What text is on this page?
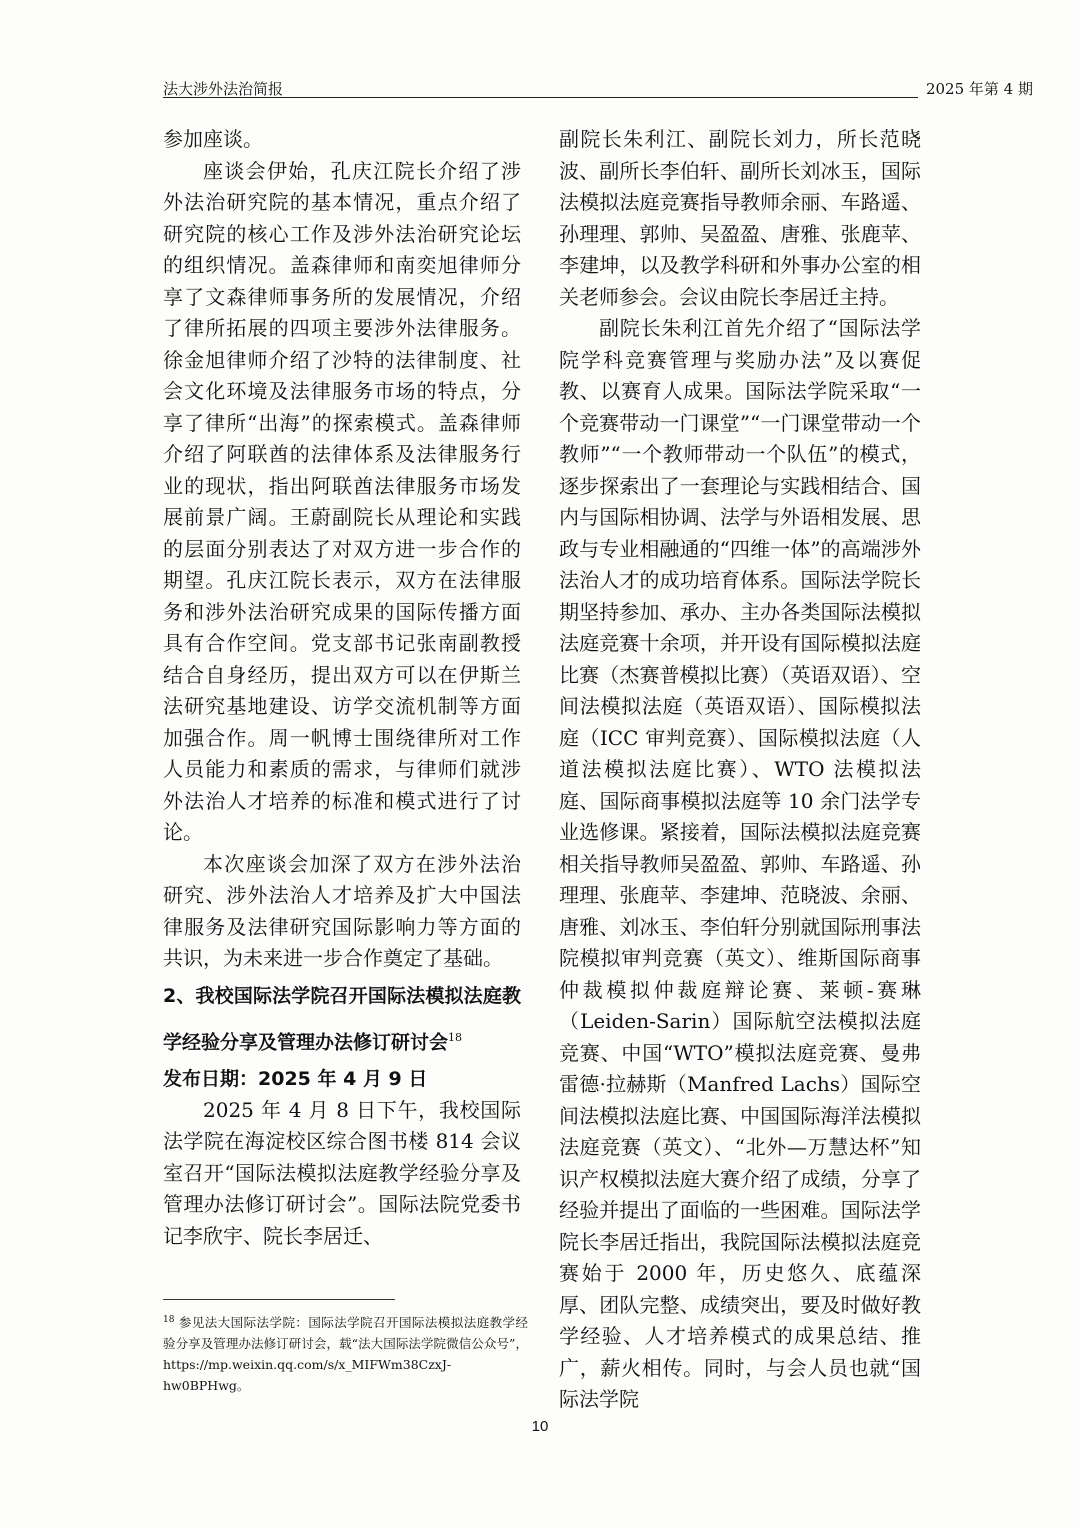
法大涉外法治简报	2025 年第 4 期

参加座谈。

座谈会伊始，孔庆江院长介绍了涉外法治研究院的基本情况，重点介绍了研究院的核心工作及涉外法治研究论坛的组织情况。盖森律师和南奕旭律师分享了文森律师事务所的发展情况，介绍了律所拓展的四项主要涉外法律服务。徐金旭律师介绍了沙特的法律制度、社会文化环境及法律服务市场的特点，分享了律所“出海”的探索模式。盖森律师介绍了阿联酋的法律体系及法律服务行业的现状，指出阿联酋法律服务市场发展前景广阔。王蔚副院长从理论和实践的层面分别表达了对双方进一步合作的期望。孔庆江院长表示，双方在法律服务和涉外法治研究成果的国际传播方面具有合作空间。党支部书记张南副教授结合自身经历，提出双方可以在伊斯兰法研究基地建设、访学交流机制等方面加强合作。周一帆博士围绕律所对工作人员能力和素质的需求，与律师们就涉外法治人才培养的标准和模式进行了讨论。

本次座谈会加深了双方在涉外法治研究、涉外法治人才培养及扩大中国法律服务及法律研究国际影响力等方面的共识，为未来进一步合作奠定了基础。

2、我校国际法学院召开国际法模拟法庭教学经验分享及管理办法修订研讨会$^{18}$

发布日期：2025 年 4 月 9 日

2025 年 4 月 8 日下午，我校国际法学院在海淀校区综合图书楼 814 会议室召开“国际法模拟法庭教学经验分享及管理办法修订研讨会”。国际法院党委书记李欣宇、院长李居迁、

副院长朱利江、副院长刘力，所长范晓波、副所长李伯轩、副所长刘冰玉，国际法模拟法庭竞赛指导教师余丽、车路遥、孙理理、郭帅、吴盈盈、唐雅、张鹿苹、李建坤，以及教学科研和外事办公室的相关老师参会。会议由院长李居迁主持。

副院长朱利江首先介绍了“国际法学院学科竞赛管理与奖励办法”及以赛促教、以赛育人成果。国际法学院采取“一个竞赛带动一门课堂”“一门课堂带动一个教师”“一个教师带动一个队伍”的模式，逐步探索出了一套理论与实践相结合、国内与国际相协调、法学与外语相发展、思政与专业相融通的“四维一体”的高端涉外法治人才的成功培育体系。国际法学院长期坚持参加、承办、主办各类国际法模拟法庭竞赛十余项，并开设有国际模拟法庭比赛（杰赛普模拟比赛）（英语双语）、空间法模拟法庭（英语双语）、国际模拟法庭（ICC 审判竞赛）、国际模拟法庭（人道法模拟法庭比赛）、WTO 法模拟法庭、国际商事模拟法庭等 10 余门法学专业选修课。紧接着，国际法模拟法庭竞赛相关指导教师吴盈盈、郭帅、车路遥、孙理理、张鹿苹、李建坤、范晓波、余丽、唐雅、刘冰玉、李伯轩分别就国际刑事法院模拟审判竞赛（英文）、维斯国际商事仲裁模拟仲裁庭辩论赛、莱顿-赛琳（Leiden-Sarin）国际航空法模拟法庭竞赛、中国“WTO”模拟法庭竞赛、曼弗雷德·拉赫斯（Manfred Lachs）国际空间法模拟法庭比赛、中国国际海洋法模拟法庭竞赛（英文）、“北外—万慧达杯”知识产权模拟法庭大赛介绍了成绩，分享了经验并提出了面临的一些困难。国际法学院长李居迁指出，我院国际法模拟法庭竞赛始于 2000 年，历史悠久、底蕴深厚、团队完整、成绩突出，要及时做好教学经验、人才培养模式的成果总结、推广，薪火相传。同时，与会人员也就“国际法学院

$^{18}$ 参见法大国际法学院：国际法学院召开国际法模拟法庭教学经验分享及管理办法修订研讨会，载“法大国际法学院微信公众号”，https://mp.weixin.qq.com/s/x_MIFWm38CzxJ-hw0BPHwg。
10
